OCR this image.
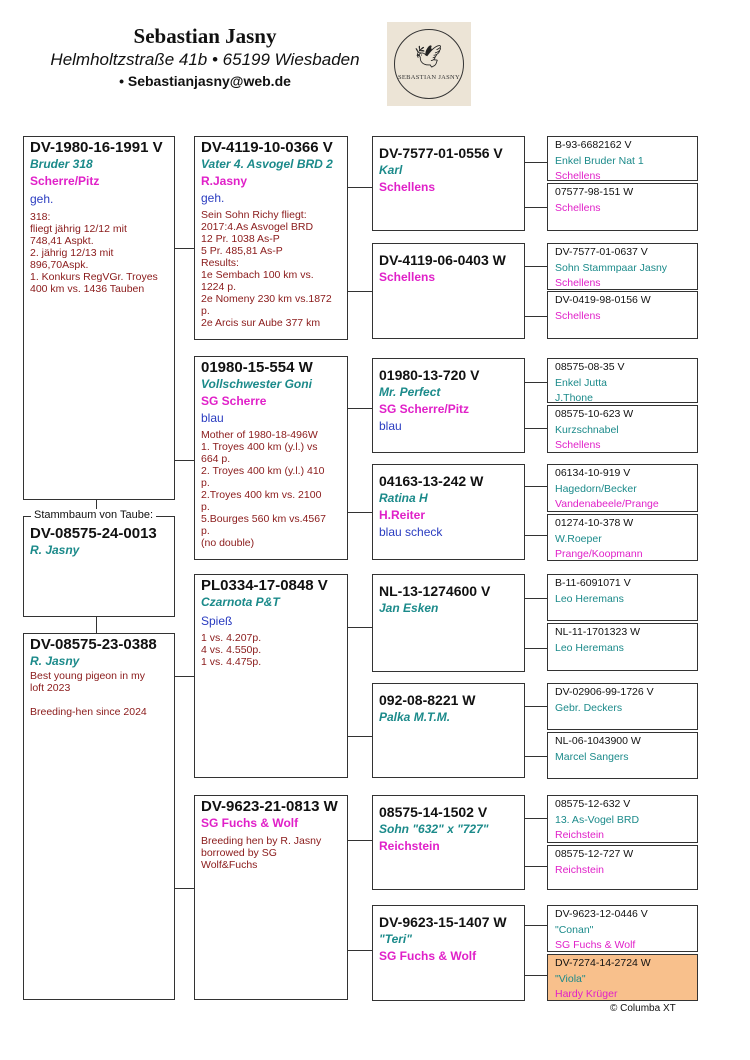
Sebastian Jasny
Helmholtzstraße 41b • 65199 Wiesbaden
• Sebastianjasny@web.de
🕊
SEBASTIAN JASNY
DV-1980-16-1991 V
Bruder 318
Scherre/Pitz
geh.
318:
fliegt jährig 12/12 mit
748,41 Aspkt.
2. jährig 12/13 mit
896,70Aspk.
1. Konkurs RegVGr. Troyes
400 km vs. 1436 Tauben
DV-08575-24-0013
R. Jasny
Stammbaum von Taube:
DV-08575-23-0388
R. Jasny
Best young pigeon in my
loft 2023

Breeding-hen since 2024
DV-4119-10-0366 V
Vater 4. Asvogel BRD 2
R.Jasny
geh.
Sein Sohn Richy fliegt:
2017:4.As Asvogel BRD
12 Pr. 1038 As-P
5 Pr. 485,81 As-P
Results:
1e Sembach 100 km vs.
1224 p.
2e Nomeny 230 km vs.1872
p.
2e Arcis sur Aube 377 km
01980-15-554 W
Vollschwester Goni
SG Scherre
blau
Mother of 1980-18-496W
1. Troyes 400 km (y.l.) vs
664 p.
2. Troyes 400 km (y.l.) 410
p.
2.Troyes 400 km vs. 2100
p.
5.Bourges 560 km vs.4567
p.
(no double)
PL0334-17-0848 V
Czarnota P&T
Spieß
1 vs. 4.207p.
4 vs. 4.550p.
1 vs. 4.475p.
DV-9623-21-0813 W
SG Fuchs & Wolf
Breeding hen by R. Jasny
borrowed by SG
Wolf&Fuchs
DV-7577-01-0556 V
Karl
Schellens
DV-4119-06-0403 W
Schellens
01980-13-720 V
Mr. Perfect
SG Scherre/Pitz
blau
04163-13-242 W
Ratina H
H.Reiter
blau scheck
NL-13-1274600 V
Jan Esken
092-08-8221 W
Palka M.T.M.
08575-14-1502 V
Sohn "632" x "727"
Reichstein
DV-9623-15-1407 W
"Teri"
SG Fuchs & Wolf
B-93-6682162 V
Enkel Bruder Nat 1
Schellens
07577-98-151 W
Schellens
DV-7577-01-0637 V
Sohn Stammpaar Jasny
Schellens
DV-0419-98-0156 W
Schellens
08575-08-35 V
Enkel Jutta
J.Thone
08575-10-623 W
Kurzschnabel
Schellens
06134-10-919 V
Hagedorn/Becker
Vandenabeele/Prange
01274-10-378 W
W.Roeper
Prange/Koopmann
B-11-6091071 V
Leo Heremans
NL-11-1701323 W
Leo Heremans
DV-02906-99-1726 V
Gebr. Deckers
NL-06-1043900 W
Marcel Sangers
08575-12-632 V
13. As-Vogel BRD
Reichstein
08575-12-727 W
Reichstein
DV-9623-12-0446 V
"Conan"
SG Fuchs & Wolf
DV-7274-14-2724 W
"Viola"
Hardy Krüger
© Columba XT
